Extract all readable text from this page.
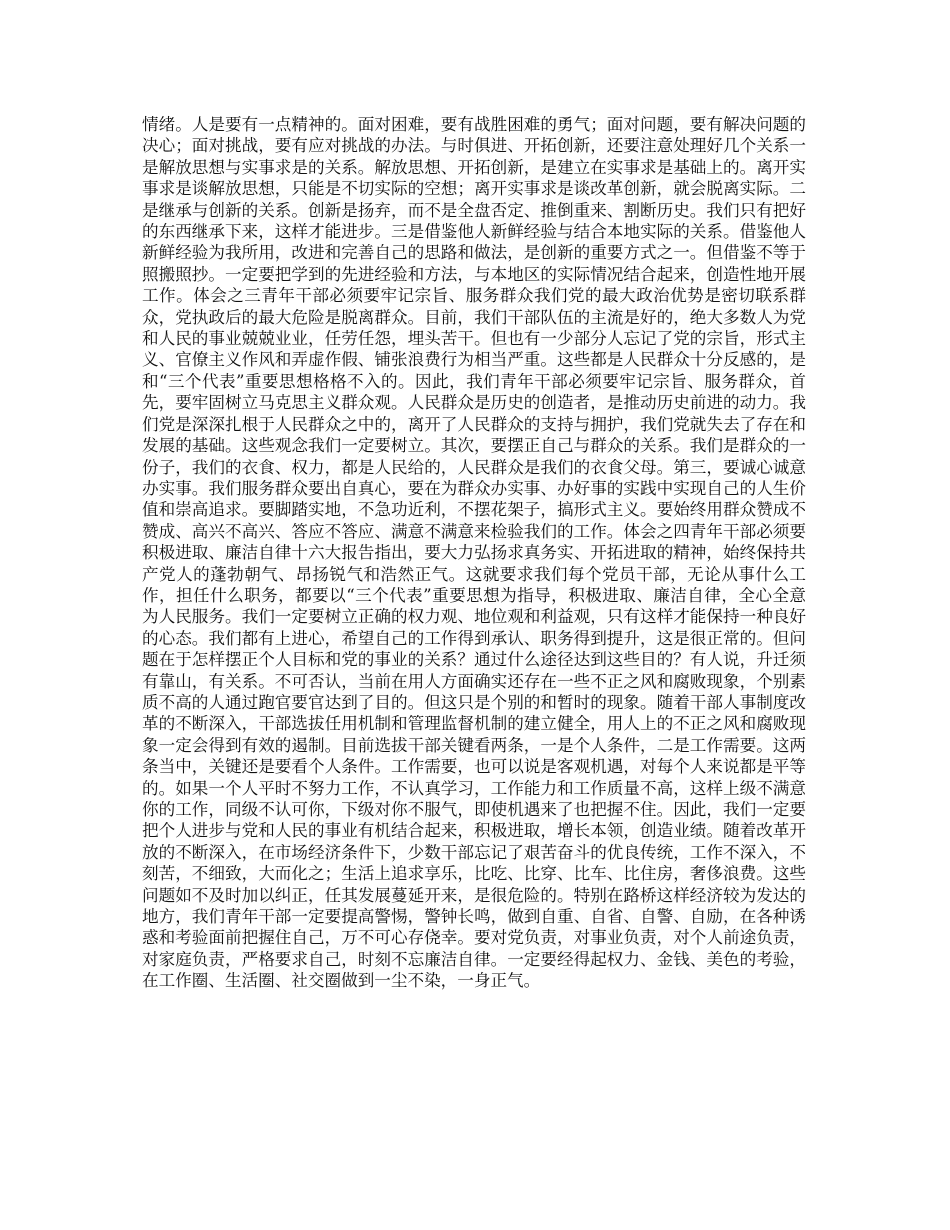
情绪。人是要有一点精神的。面对困难，要有战胜困难的勇气；面对问题，要有解决问题的决心；面对挑战，要有应对挑战的办法。与时俱进、开拓创新，还要注意处理好几个关系一是解放思想与实事求是的关系。解放思想、开拓创新，是建立在实事求是基础上的。离开实事求是谈解放思想，只能是不切实际的空想；离开实事求是谈改革创新，就会脱离实际。二是继承与创新的关系。创新是扬弃，而不是全盘否定、推倒重来、割断历史。我们只有把好的东西继承下来，这样才能进步。三是借鉴他人新鲜经验与结合本地实际的关系。借鉴他人新鲜经验为我所用，改进和完善自己的思路和做法，是创新的重要方式之一。但借鉴不等于照搬照抄。一定要把学到的先进经验和方法，与本地区的实际情况结合起来，创造性地开展工作。体会之三青年干部必须要牢记宗旨、服务群众我们党的最大政治优势是密切联系群众，党执政后的最大危险是脱离群众。目前，我们干部队伍的主流是好的，绝大多数人为党和人民的事业兢兢业业，任劳任怨，埋头苦干。但也有一少部分人忘记了党的宗旨，形式主义、官僚主义作风和弄虚作假、铺张浪费行为相当严重。这些都是人民群众十分反感的，是和“三个代表”重要思想格格不入的。因此，我们青年干部必须要牢记宗旨、服务群众，首先，要牢固树立马克思主义群众观。人民群众是历史的创造者，是推动历史前进的动力。我们党是深深扎根于人民群众之中的，离开了人民群众的支持与拥护，我们党就失去了存在和发展的基础。这些观念我们一定要树立。其次，要摆正自己与群众的关系。我们是群众的一份子，我们的衣食、权力，都是人民给的，人民群众是我们的衣食父母。第三，要诚心诚意办实事。我们服务群众要出自真心，要在为群众办实事、办好事的实践中实现自己的人生价值和崇高追求。要脚踏实地，不急功近利，不摆花架子，搞形式主义。要始终用群众赞成不赞成、高兴不高兴、答应不答应、满意不满意来检验我们的工作。体会之四青年干部必须要积极进取、廉洁自律十六大报告指出，要大力弘扬求真务实、开拓进取的精神，始终保持共产党人的蓬勃朝气、昂扬锐气和浩然正气。这就要求我们每个党员干部，无论从事什么工作，担任什么职务，都要以“三个代表”重要思想为指导，积极进取、廉洁自律，全心全意为人民服务。我们一定要树立正确的权力观、地位观和利益观，只有这样才能保持一种良好的心态。我们都有上进心，希望自己的工作得到承认、职务得到提升，这是很正常的。但问题在于怎样摆正个人目标和党的事业的关系？通过什么途径达到这些目的？有人说，升迁须有靠山，有关系。不可否认，当前在用人方面确实还存在一些不正之风和腐败现象，个别素质不高的人通过跑官要官达到了目的。但这只是个别的和暂时的现象。随着干部人事制度改革的不断深入，干部选拔任用机制和管理监督机制的建立健全，用人上的不正之风和腐败现象一定会得到有效的遏制。目前选拔干部关键看两条，一是个人条件，二是工作需要。这两条当中，关键还是要看个人条件。工作需要，也可以说是客观机遇，对每个人来说都是平等的。如果一个人平时不努力工作，不认真学习，工作能力和工作质量不高，这样上级不满意你的工作，同级不认可你，下级对你不服气，即使机遇来了也把握不住。因此，我们一定要把个人进步与党和人民的事业有机结合起来，积极进取，增长本领，创造业绩。随着改革开放的不断深入，在市场经济条件下，少数干部忘记了艰苦奋斗的优良传统，工作不深入，不刻苦，不细致，大而化之；生活上追求享乐，比吃、比穿、比车、比住房，奢侈浪费。这些问题如不及时加以纠正，任其发展蔓延开来，是很危险的。特别在路桥这样经济较为发达的地方，我们青年干部一定要提高警惕，警钟长鸣，做到自重、自省、自警、自励，在各种诱惑和考验面前把握住自己，万不可心存侥幸。要对党负责，对事业负责，对个人前途负责，对家庭负责，严格要求自己，时刻不忘廉洁自律。一定要经得起权力、金钱、美色的考验，在工作圈、生活圈、社交圈做到一尘不染，一身正气。
